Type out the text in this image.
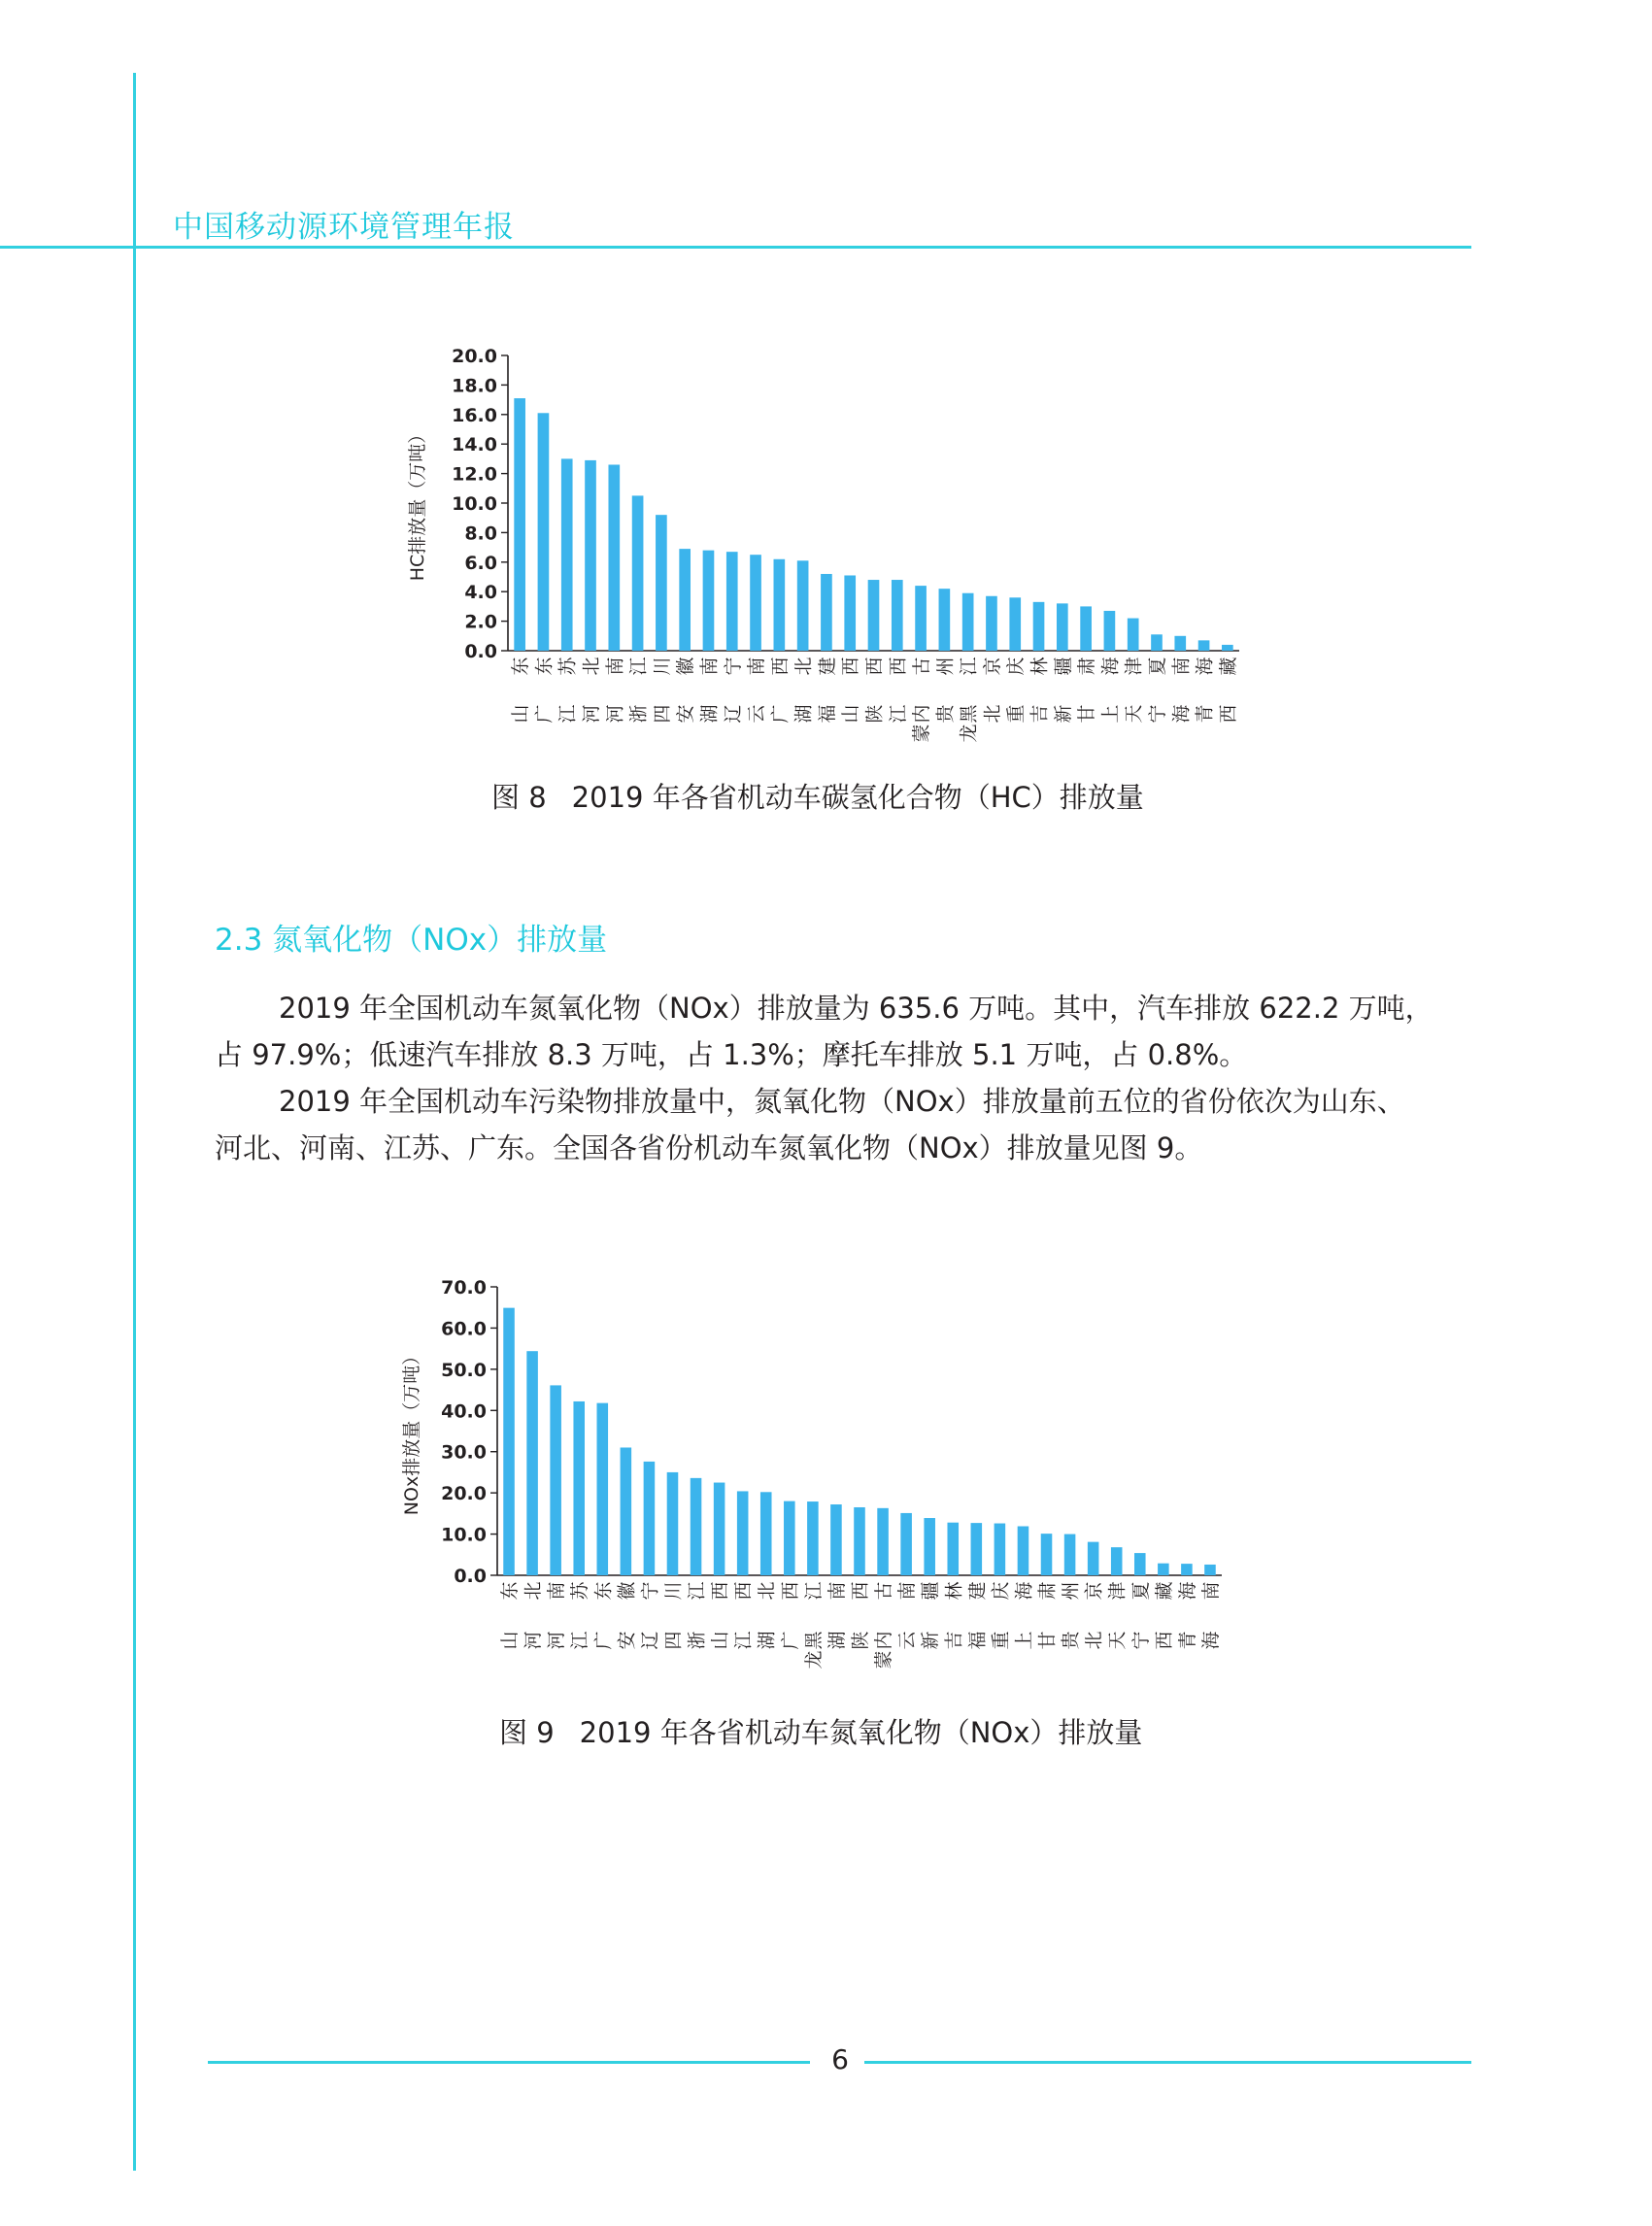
中国移动源环境管理年报
0.0
2.0
4.0
6.0
8.0
10.0
12.0
14.0
16.0
18.0
20.0
HC排放量（万吨）
东
山
东
广
苏
江
北
河
南
河
江
浙
川
四
徽
安
南
湖
宁
辽
南
云
西
广
北
湖
建
福
西
山
西
陕
西
江
古
内
蒙
州
贵
江
黑
龙
京
北
庆
重
林
吉
疆
新
肃
甘
海
上
津
天
夏
宁
南
海
海
青
藏
西
图 8 2019 年各省机动车碳氢化合物（HC）排放量
2.3 氮氧化物（NOx）排放量

2019 年全国机动车氮氧化物（NOx）排放量为 635.6 万吨。其中，汽车排放 622.2 万吨，
占 97.9%；低速汽车排放 8.3 万吨，占 1.3%；摩托车排放 5.1 万吨，占 0.8%。

2019 年全国机动车污染物排放量中，氮氧化物（NOx）排放量前五位的省份依次为山东、
河北、河南、江苏、广东。全国各省份机动车氮氧化物（NOx）排放量见图 9。

0.0
10.0
20.0
30.0
40.0
50.0
60.0
70.0
NOx排放量（万吨）
东
山
北
河
南
河
苏
江
东
广
徽
安
宁
辽
川
四
江
浙
西
山
西
江
北
湖
西
广
江
黑
龙
南
湖
西
陕
古
内
蒙
南
云
疆
新
林
吉
建
福
庆
重
海
上
肃
甘
州
贵
京
北
津
天
夏
宁
藏
西
海
青
南
海
图 9 2019 年各省机动车氮氧化物（NOx）排放量
6
